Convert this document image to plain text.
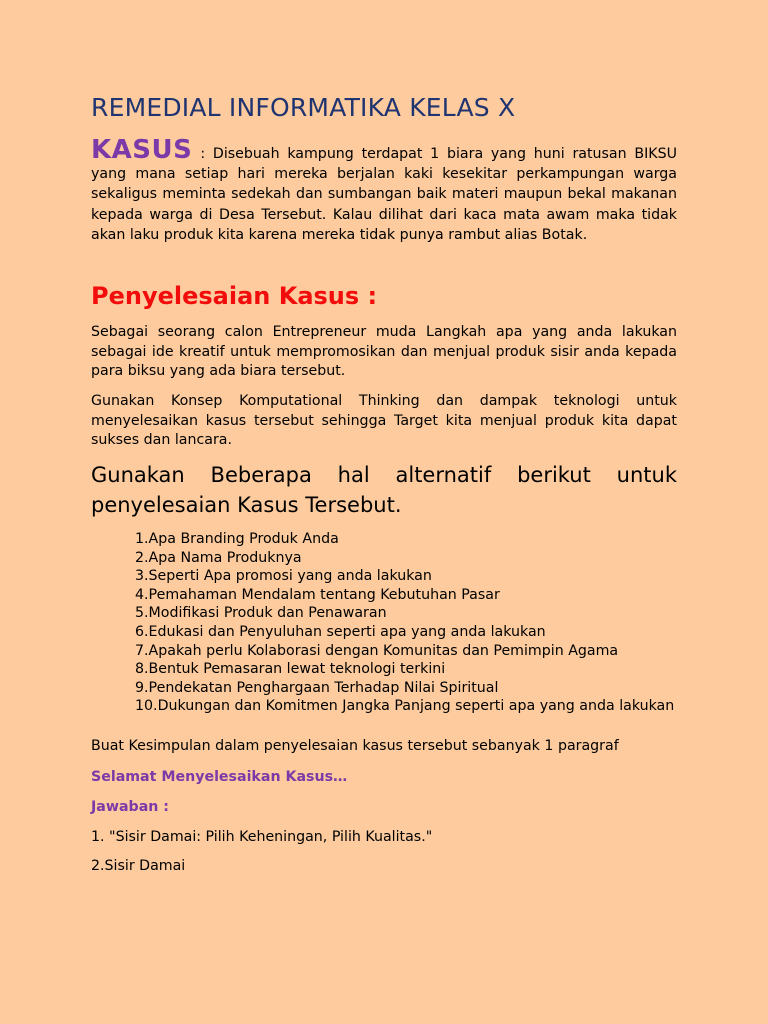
REMEDIAL INFORMATIKA KELAS X
KASUS : Disebuah kampung terdapat 1 biara yang huni ratusan BIKSU yang mana setiap hari mereka berjalan kaki kesekitar perkampungan warga sekaligus meminta sedekah dan sumbangan baik materi maupun bekal makanan kepada warga di Desa Tersebut. Kalau dilihat dari kaca mata awam maka tidak akan laku produk kita karena mereka tidak punya rambut alias Botak.
Penyelesaian Kasus :
Sebagai seorang calon Entrepreneur muda Langkah apa yang anda lakukan sebagai ide kreatif untuk mempromosikan dan menjual produk sisir anda kepada para biksu yang ada biara tersebut.
Gunakan Konsep Komputational Thinking dan dampak teknologi untuk menyelesaikan kasus tersebut sehingga Target kita menjual produk kita dapat sukses dan lancara.
Gunakan Beberapa hal alternatif berikut untuk
penyelesaian Kasus Tersebut.
1.Apa Branding Produk Anda
2.Apa Nama Produknya
3.Seperti Apa promosi yang anda lakukan
4.Pemahaman Mendalam tentang Kebutuhan Pasar
5.Modifikasi Produk dan Penawaran
6.Edukasi dan Penyuluhan seperti apa yang anda lakukan
7.Apakah perlu Kolaborasi dengan Komunitas dan Pemimpin Agama
8.Bentuk Pemasaran lewat teknologi terkini
9.Pendekatan Penghargaan Terhadap Nilai Spiritual
10.Dukungan dan Komitmen Jangka Panjang seperti apa yang anda lakukan
Buat Kesimpulan dalam penyelesaian kasus tersebut sebanyak 1 paragraf
Selamat Menyelesaikan Kasus…
Jawaban :
1. "Sisir Damai: Pilih Keheningan, Pilih Kualitas."
2.Sisir Damai
